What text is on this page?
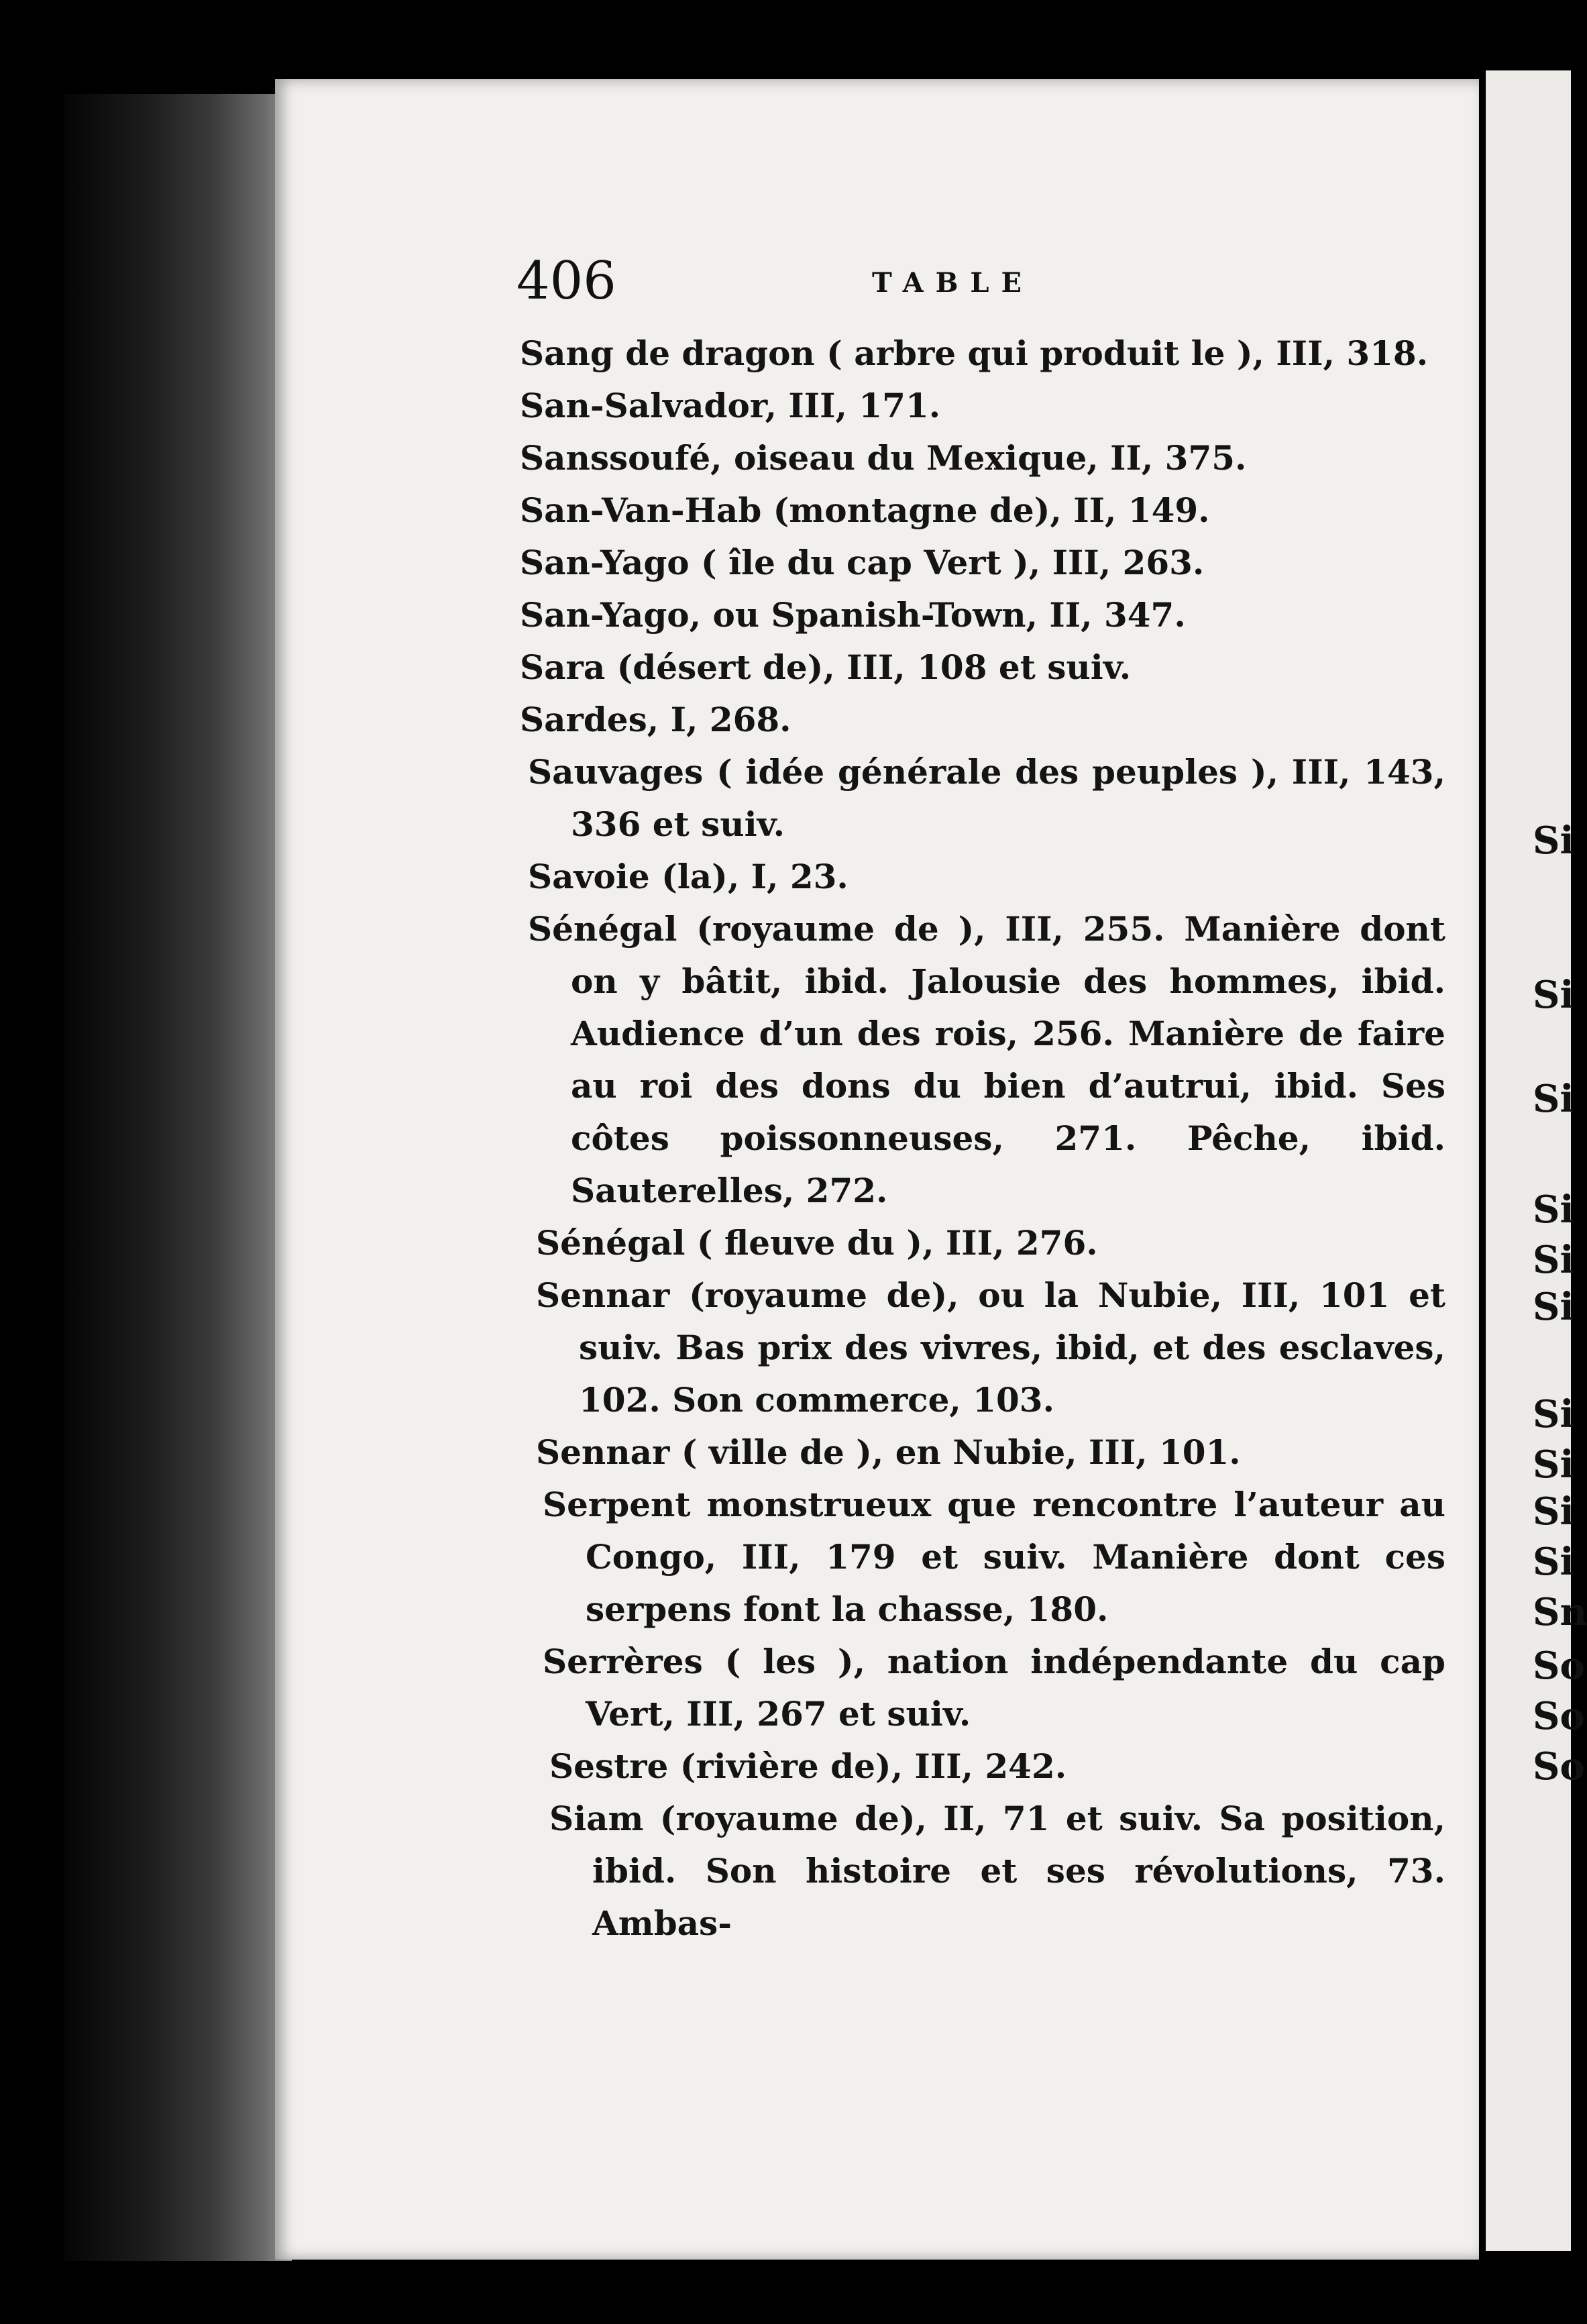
Si
Si
Si
Si
Si
Si
Si
Si
Si
Si
Sn
So
So
So
406	TABLE

Sang de dragon ( arbre qui produit le ), III, 318.

San-Salvador, III, 171.

Sanssoufé, oiseau du Mexique, II, 375.

San-Van-Hab (montagne de), II, 149.

San-Yago ( île du cap Vert ), III, 263.

San-Yago, ou Spanish-Town, II, 347.

Sara (désert de), III, 108 et suiv.

Sardes, I, 268.

Sauvages ( idée générale des peuples ), III, 143, 336 et suiv.

Savoie (la), I, 23.

Sénégal (royaume de ), III, 255. Manière dont on y bâtit, ibid. Jalousie des hommes, ibid. Audience d’un des rois, 256. Manière de faire au roi des dons du bien d’autrui, ibid. Ses côtes poissonneuses, 271. Pêche, ibid. Sauterelles, 272.

Sénégal ( fleuve du ), III, 276.

Sennar (royaume de), ou la Nubie, III, 101 et suiv. Bas prix des vivres, ibid, et des esclaves, 102. Son commerce, 103.

Sennar ( ville de ), en Nubie, III, 101.

Serpent monstrueux que rencontre l’auteur au Congo, III, 179 et suiv. Manière dont ces serpens font la chasse, 180.

Serrères ( les ), nation indépendante du cap Vert, III, 267 et suiv.

Sestre (rivière de), III, 242.

Siam (royaume de), II, 71 et suiv. Sa position, ibid. Son histoire et ses révolutions, 73. Ambas-
